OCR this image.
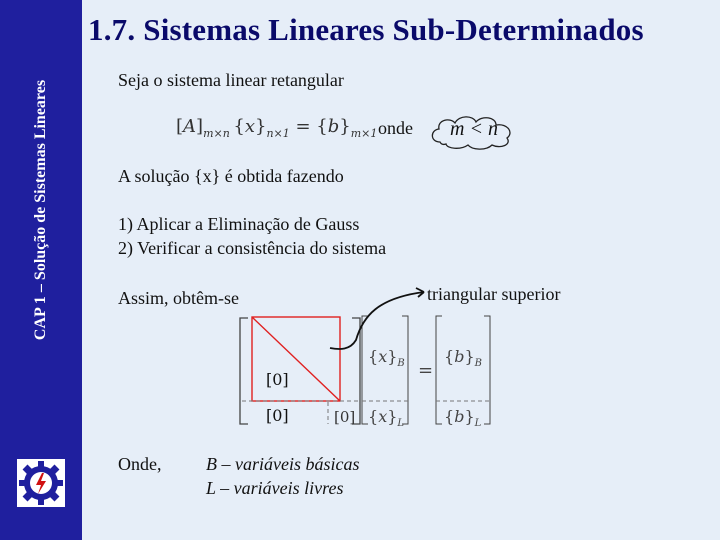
CAP 1 – Solução de Sistemas Lineares
1.7. Sistemas Lineares Sub-Determinados
Seja o sistema linear retangular
$[A]_{m\times n}$ $\{x\}_{n\times 1} = \{b\}_{m\times 1}$ onde	m < n
A solução {x} é obtida fazendo
1) Aplicar a Eliminação de Gauss
2) Verificar a consistência do sistema
triangular superior
Assim, obtêm-se
[0]
$\{x\}_B$
$\{x\}_L$
=
$\{b\}_B$
$\{b\}_L$
[0]
[0]
Onde, B – variáveis básicas
L – variáveis livres
